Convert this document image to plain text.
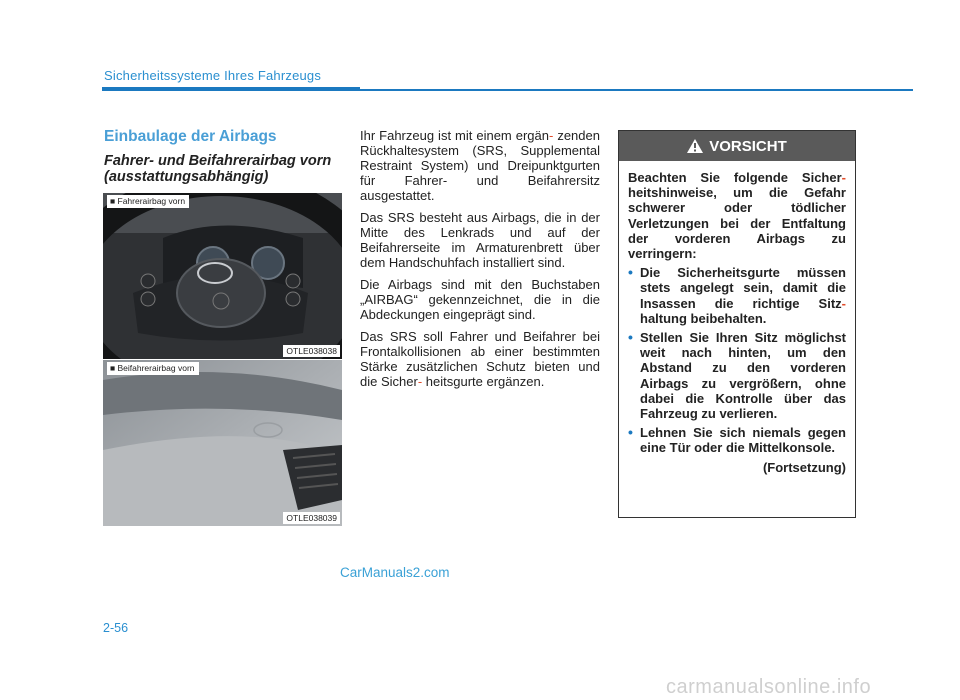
Sicherheitssysteme Ihres Fahrzeugs
Einbaulage der Airbags
Fahrer- und Beifahrerairbag vorn (ausstattungsabhängig)
■ Fahrerairbag vorn
OTLE038038
■ Beifahrerairbag vorn
OTLE038039

Ihr Fahrzeug ist mit einem ergän- zenden Rückhaltesystem (SRS, Supplemental Restraint System) und Dreipunktgurten für Fahrer- und Beifahrersitz ausgestattet.

Das SRS besteht aus Airbags, die in der Mitte des Lenkrads und auf der Beifahrerseite im Armaturenbrett über dem Handschuhfach installiert sind.

Die Airbags sind mit den Buchstaben „AIRBAG“ gekennzeichnet, die in die Abdeckungen eingeprägt sind.

Das SRS soll Fahrer und Beifahrer bei Frontalkollisionen ab einer bestimmten Stärke zusätzlichen Schutz bieten und die Sicher- heitsgurte ergänzen.

VORSICHT

Beachten Sie folgende Sicher- heitshinweise, um die Gefahr schwerer oder tödlicher Verletzungen bei der Entfaltung der vorderen Airbags zu verringern:

• Die Sicherheitsgurte müssen stets angelegt sein, damit die Insassen die richtige Sitz- haltung beibehalten.
• Stellen Sie Ihren Sitz möglichst weit nach hinten, um den Abstand zu den vorderen Airbags zu vergrößern, ohne dabei die Kontrolle über das Fahrzeug zu verlieren.
• Lehnen Sie sich niemals gegen eine Tür oder die Mittelkonsole.
(Fortsetzung)
CarManuals2.com
2-56
carmanualsonline.info
